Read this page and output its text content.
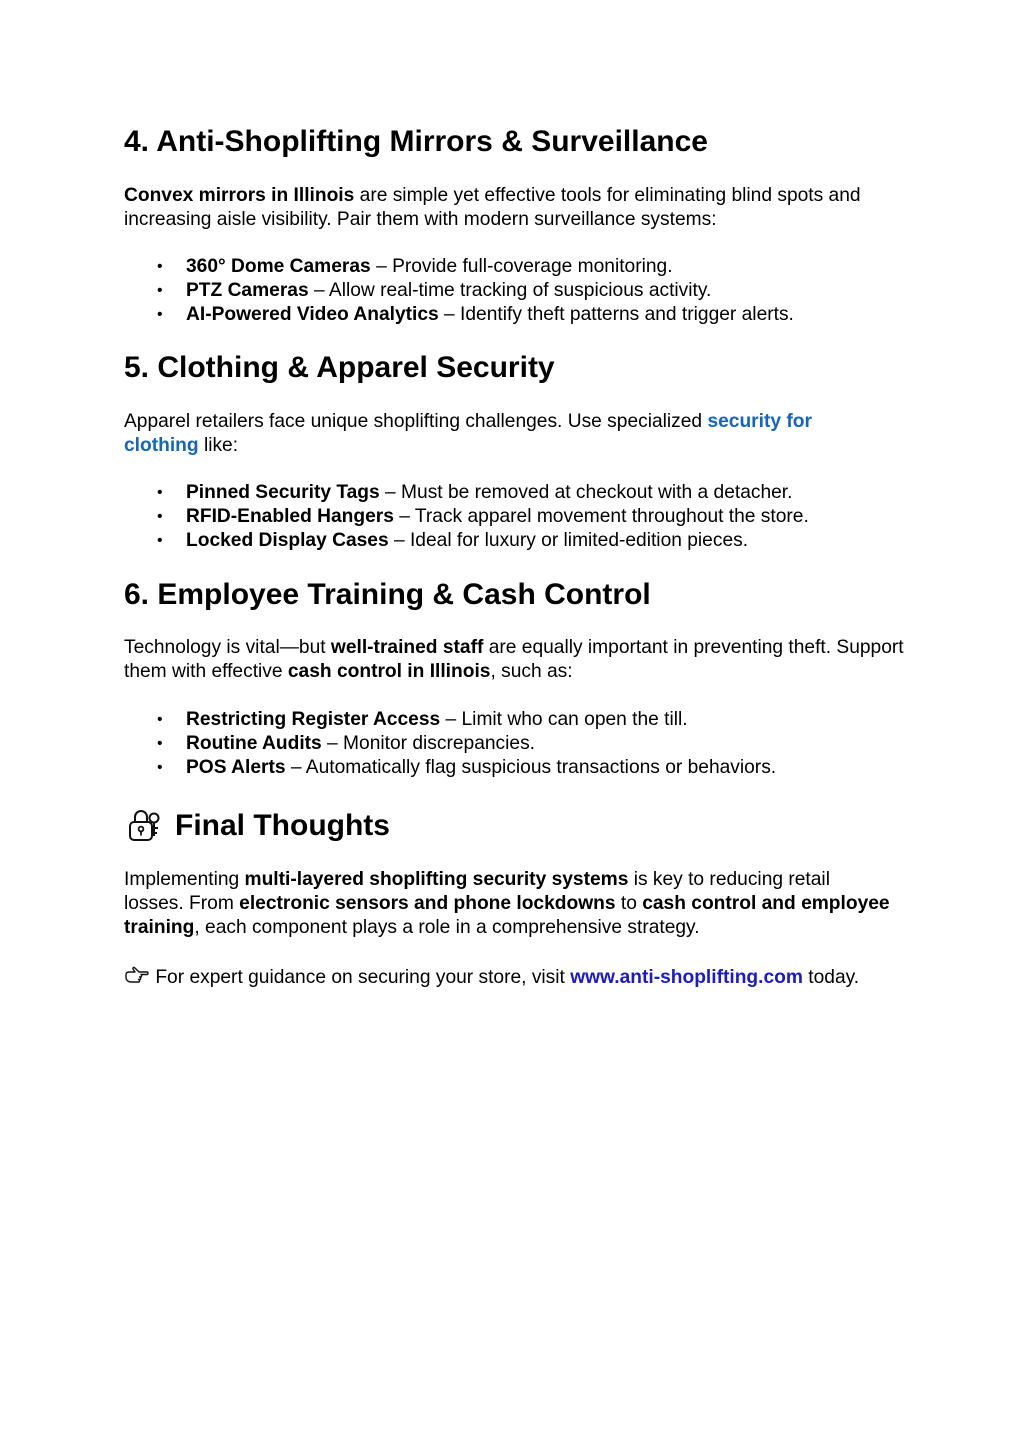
4. Anti-Shoplifting Mirrors & Surveillance

Convex mirrors in Illinois are simple yet effective tools for eliminating blind spots and increasing aisle visibility. Pair them with modern surveillance systems:

• 360° Dome Cameras – Provide full-coverage monitoring.
• PTZ Cameras – Allow real-time tracking of suspicious activity.
• AI-Powered Video Analytics – Identify theft patterns and trigger alerts.
5. Clothing & Apparel Security

Apparel retailers face unique shoplifting challenges. Use specialized security for clothing like:

• Pinned Security Tags – Must be removed at checkout with a detacher.
• RFID-Enabled Hangers – Track apparel movement throughout the store.
• Locked Display Cases – Ideal for luxury or limited-edition pieces.
6. Employee Training & Cash Control

Technology is vital—but well-trained staff are equally important in preventing theft. Support them with effective cash control in Illinois, such as:

• Restricting Register Access – Limit who can open the till.
• Routine Audits – Monitor discrepancies.
• POS Alerts – Automatically flag suspicious transactions or behaviors.
Final Thoughts

Implementing multi-layered shoplifting security systems is key to reducing retail losses. From electronic sensors and phone lockdowns to cash control and employee training, each component plays a role in a comprehensive strategy.

For expert guidance on securing your store, visit www.anti-shoplifting.com today.
